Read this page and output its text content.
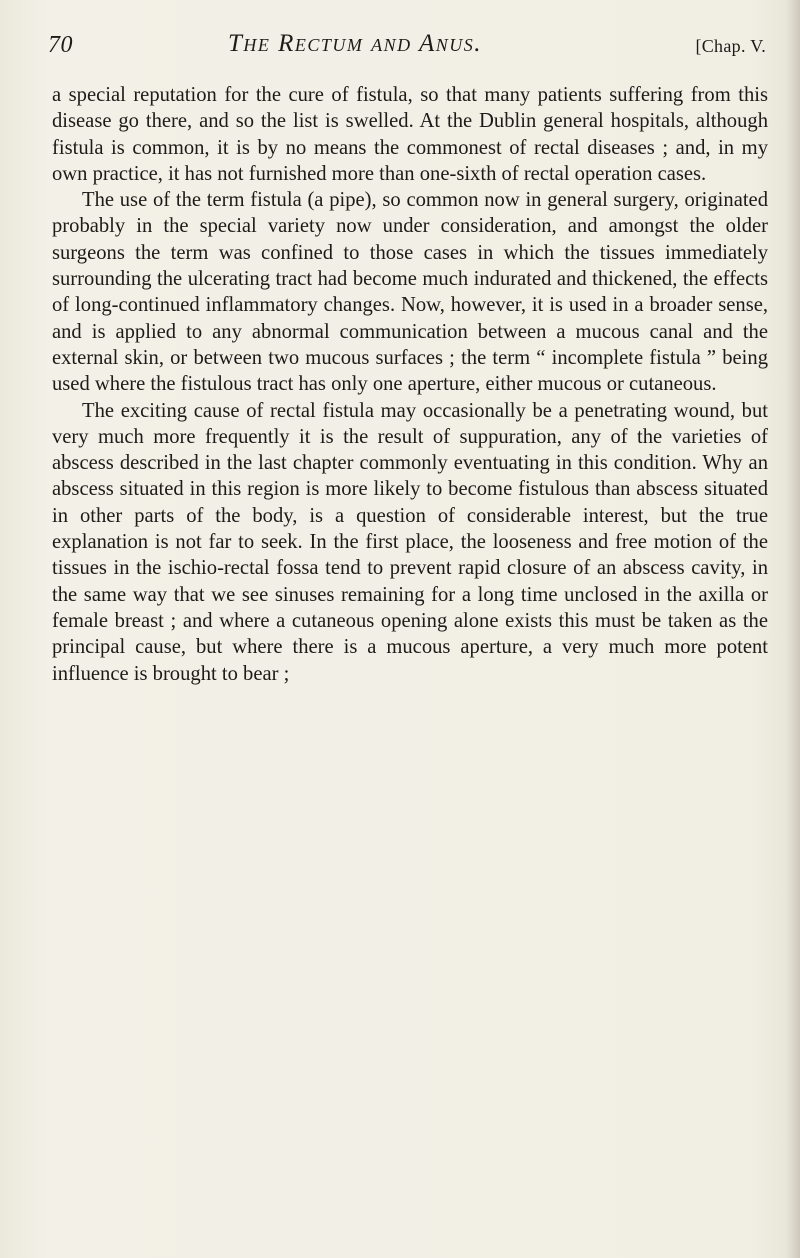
70	The Rectum and Anus.	[Chap. V.

a special reputation for the cure of fistula, so that many patients suffering from this disease go there, and so the list is swelled. At the Dublin general hospitals, although fistula is common, it is by no means the commonest of rectal diseases ; and, in my own practice, it has not furnished more than one-sixth of rectal operation cases.

The use of the term fistula (a pipe), so common now in general surgery, originated probably in the special variety now under consideration, and amongst the older surgeons the term was confined to those cases in which the tissues immediately surrounding the ulcerating tract had become much indurated and thickened, the effects of long-continued inflammatory changes. Now, however, it is used in a broader sense, and is applied to any abnormal communication between a mucous canal and the external skin, or between two mucous surfaces ; the term “ incomplete fistula ” being used where the fistulous tract has only one aperture, either mucous or cutaneous.

The exciting cause of rectal fistula may occasionally be a penetrating wound, but very much more frequently it is the result of suppuration, any of the varieties of abscess described in the last chapter commonly eventuating in this condition. Why an abscess situated in this region is more likely to become fistulous than abscess situated in other parts of the body, is a question of considerable interest, but the true explanation is not far to seek. In the first place, the looseness and free motion of the tissues in the ischio-rectal fossa tend to prevent rapid closure of an abscess cavity, in the same way that we see sinuses remaining for a long time unclosed in the axilla or female breast ; and where a cutaneous opening alone exists this must be taken as the principal cause, but where there is a mucous aperture, a very much more potent influence is brought to bear ;
